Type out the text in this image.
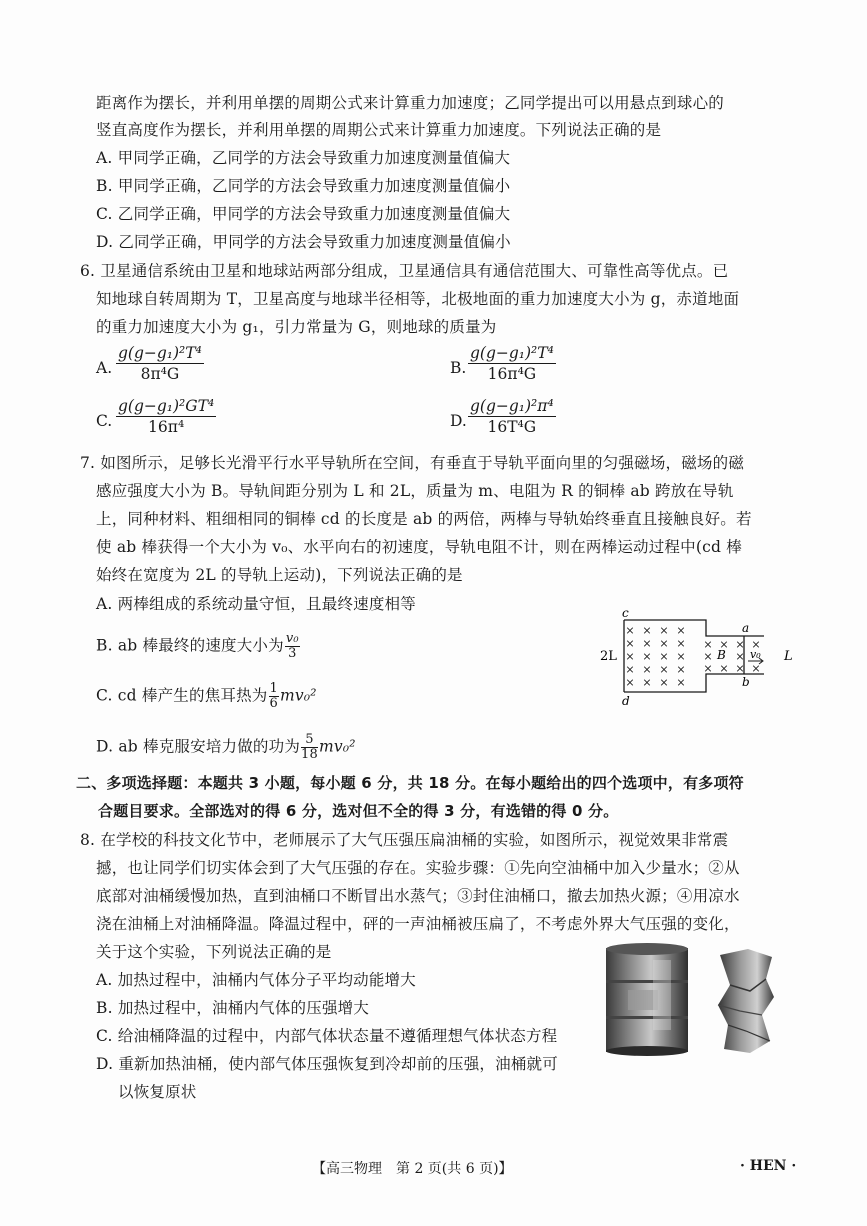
距离作为摆长，并利用单摆的周期公式来计算重力加速度；乙同学提出可以用悬点到球心的
竖直高度作为摆长，并利用单摆的周期公式来计算重力加速度。下列说法正确的是
A. 甲同学正确，乙同学的方法会导致重力加速度测量值偏大
B. 甲同学正确，乙同学的方法会导致重力加速度测量值偏小
C. 乙同学正确，甲同学的方法会导致重力加速度测量值偏大
D. 乙同学正确，甲同学的方法会导致重力加速度测量值偏小
6. 卫星通信系统由卫星和地球站两部分组成，卫星通信具有通信范围大、可靠性高等优点。已
知地球自转周期为 T，卫星高度与地球半径相等，北极地面的重力加速度大小为 g，赤道地面
的重力加速度大小为 g₁，引力常量为 G，则地球的质量为
A. $\frac{\text{g(g−g₁)²T⁴}}{\text{8π⁴G}}$	B. $\frac{\text{g(g−g₁)²T⁴}}{\text{16π⁴G}}$
C. $\frac{\text{g(g−g₁)²GT⁴}}{\text{16π⁴}}$	D. $\frac{\text{g(g−g₁)²π⁴}}{\text{16T⁴G}}$
7. 如图所示，足够长光滑平行水平导轨所在空间，有垂直于导轨平面向里的匀强磁场，磁场的磁
感应强度大小为 B。导轨间距分别为 L 和 2L，质量为 m、电阻为 R 的铜棒 ab 跨放在导轨
上，同种材料、粗细相同的铜棒 cd 的长度是 ab 的两倍，两棒与导轨始终垂直且接触良好。若
使 ab 棒获得一个大小为 v₀、水平向右的初速度，导轨电阻不计，则在两棒运动过程中(cd 棒
始终在宽度为 2L 的导轨上运动)，下列说法正确的是
A. 两棒组成的系统动量守恒，且最终速度相等
B. ab 棒最终的速度大小为 $\frac{\text{v₀}}{3}$
C. cd 棒产生的焦耳热为 $\frac{1}{6} mv_0^2$
D. ab 棒克服安培力做的功为 $\frac{5}{18} mv_0^2$
× × × ×
× × × ×
× × × ×
× × × ×
× × × ×
× × × ×
× ×
× × × ×
c
d
a
b
2L	L
B v₀
二、多项选择题：本题共 3 小题，每小题 6 分，共 18 分。在每小题给出的四个选项中，有多项符
合题目要求。全部选对的得 6 分，选对但不全的得 3 分，有选错的得 0 分。
8. 在学校的科技文化节中，老师展示了大气压强压扁油桶的实验，如图所示，视觉效果非常震
撼，也让同学们切实体会到了大气压强的存在。实验步骤：①先向空油桶中加入少量水；②从
底部对油桶缓慢加热，直到油桶口不断冒出水蒸气；③封住油桶口，撤去加热火源；④用凉水
浇在油桶上对油桶降温。降温过程中，砰的一声油桶被压扁了，不考虑外界大气压强的变化，
关于这个实验，下列说法正确的是
A. 加热过程中，油桶内气体分子平均动能增大
B. 加热过程中，油桶内气体的压强增大
C. 给油桶降温的过程中，内部气体状态量不遵循理想气体状态方程
D. 重新加热油桶，使内部气体压强恢复到冷却前的压强，油桶就可
以恢复原状
【高三物理　第 2 页(共 6 页)】	· HEN ·
